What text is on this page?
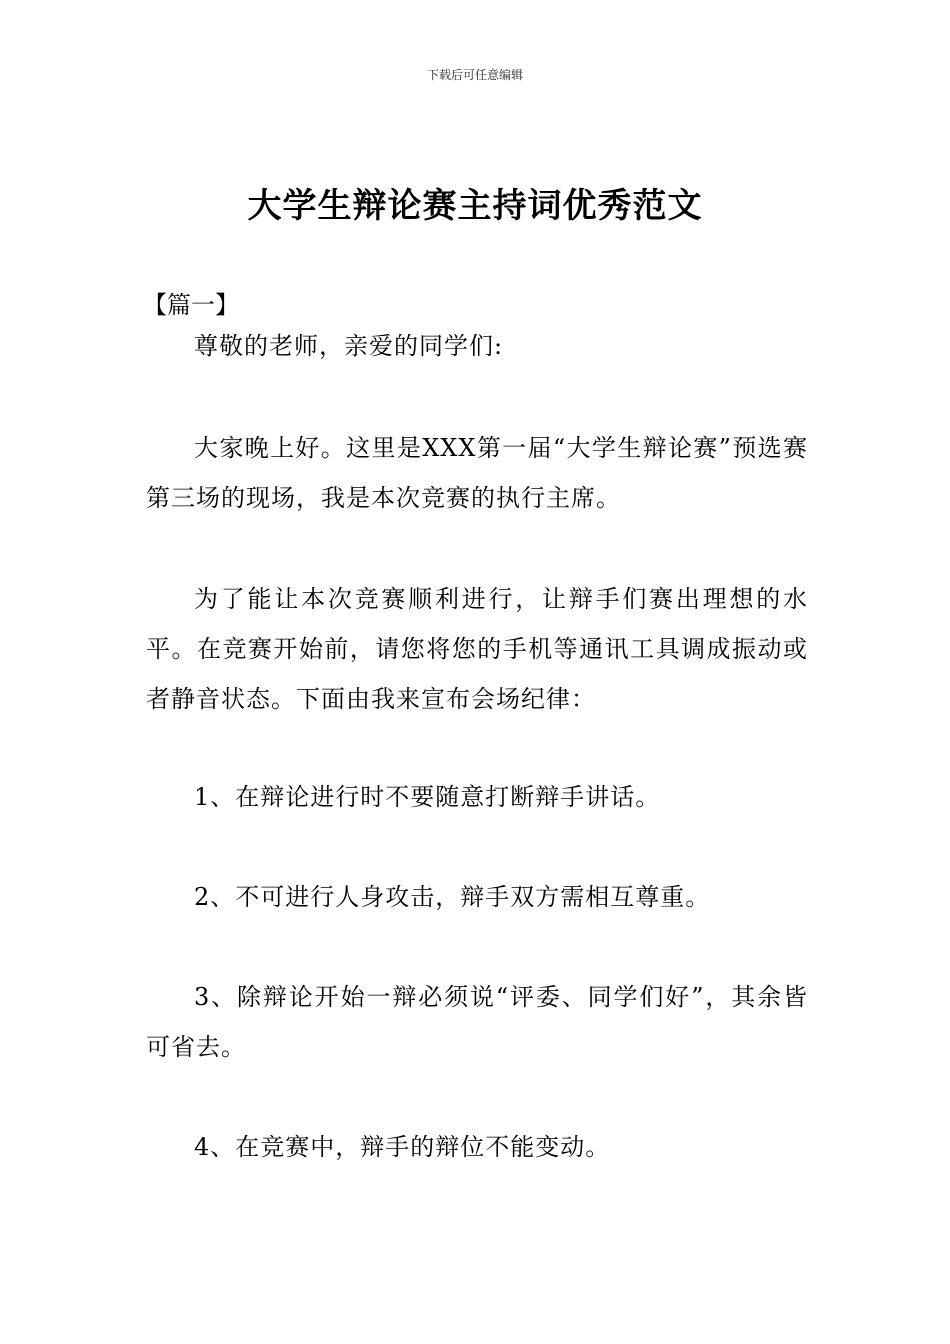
下载后可任意编辑
大学生辩论赛主持词优秀范文
【篇一】

尊敬的老师，亲爱的同学们:

大家晚上好。这里是XXX第一届“大学生辩论赛”预选赛第三场的现场，我是本次竞赛的执行主席。

为了能让本次竞赛顺利进行，让辩手们赛出理想的水平。在竞赛开始前，请您将您的手机等通讯工具调成振动或者静音状态。下面由我来宣布会场纪律：

1、在辩论进行时不要随意打断辩手讲话。

2、不可进行人身攻击，辩手双方需相互尊重。

3、除辩论开始一辩必须说“评委、同学们好”，其余皆可省去。

4、在竞赛中，辩手的辩位不能变动。
